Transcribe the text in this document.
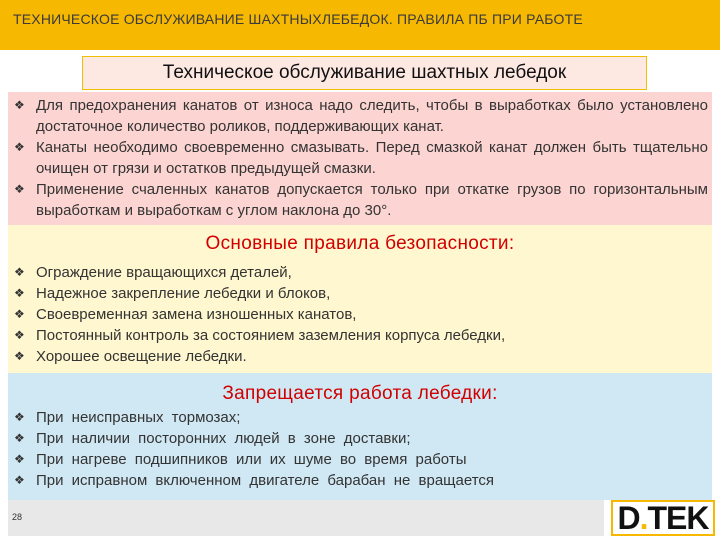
ТЕХНИЧЕСКОЕ ОБСЛУЖИВАНИЕ ШАХТНЫХЛЕБЕДОК. ПРАВИЛА ПБ ПРИ РАБОТЕ
Техническое обслуживание шахтных лебедок
❖ Для предохранения канатов от износа надо следить, чтобы в выработках было установлено достаточное количество роликов, поддерживающих канат.
❖ Канаты необходимо своевременно смазывать. Перед смазкой канат должен быть тщательно очищен от грязи и остатков предыдущей смазки.
❖ Применение счаленных канатов допускается только при откатке грузов по горизонтальным выработкам и выработкам с углом наклона до 30°.
Основные правила безопасности:
❖ Ограждение вращающихся деталей,
❖ Надежное закрепление лебедки и блоков,
❖ Своевременная замена изношенных канатов,
❖ Постоянный контроль за состоянием заземления корпуса лебедки,
❖ Хорошее освещение лебедки.
Запрещается работа лебедки:
❖ При неисправных тормозах;
❖ При наличии посторонних людей в зоне доставки;
❖ При нагреве подшипников или их шуме во время работы
❖ При исправном включенном двигателе барабан не вращается
28	D.TEK
